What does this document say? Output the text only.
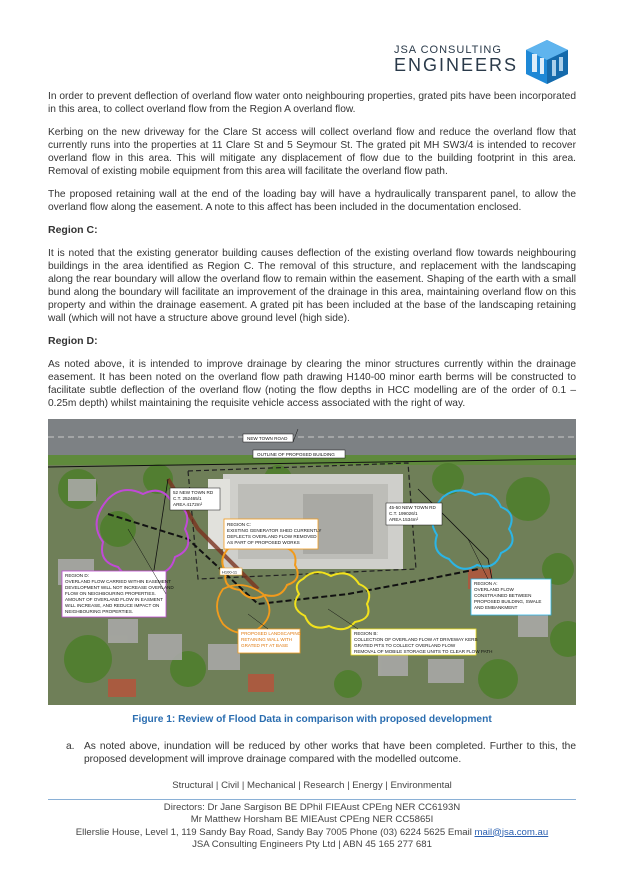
JSA CONSULTING
ENGINEERS

In order to prevent deflection of overland flow water onto neighbouring properties, grated pits have been incorporated in this area, to collect overland flow from the Region A overland flow.

Kerbing on the new driveway for the Clare St access will collect overland flow and reduce the overland flow that currently runs into the properties at 11 Clare St and 5 Seymour St. The grated pit MH SW3/4 is intended to recover overland flow in this area. This will mitigate any displacement of flow due to the building footprint in this area. Removal of existing mobile equipment from this area will facilitate the overland flow path.

The proposed retaining wall at the end of the loading bay will have a hydraulically transparent panel, to allow the overland flow along the easement. A note to this affect has been included in the documentation enclosed.

Region C:

It is noted that the existing generator building causes deflection of the existing overland flow towards neighbouring buildings in the area identified as Region C. The removal of this structure, and replacement with the landscaping along the rear boundary will allow the overland flow to remain within the easement. Shaping of the earth with a small bund along the boundary will facilitate an improvement of the drainage in this area, maintaining overland flow on this property and within the drainage easement. A grated pit has been included at the base of the landscaping retaining wall (which will not have a structure above ground level (high side).

Region D:

As noted above, it is intended to improve drainage by clearing the minor structures currently within the drainage easement. It has been noted on the overland flow path drawing H140-00 minor earth berms will be constructed to facilitate subtle deflection of the overland flow (noting the flow depths in HCC modelling are of the order of 0.1 – 0.25m depth) whilst maintaining the requisite vehicle access associated with the right of way.

NEW TOWN ROAD
OUTLINE OF PROPOSED BUILDING
52 NEW TOWN RD
C.T. 252465/1
AREA 4172m²
45-50 NEW TOWN RD
C.T. 199026/1
AREA 1534m²
REGION C:
EXISTING GENERATOR SHED CURRENTLY
DEFLECTS OVERLAND FLOW REMOVED
AS PART OF PROPOSED WORKS
H100-11
REGION D:
OVERLAND FLOW CARRIED WITHIN EASEMENT
DEVELOPMENT WILL NOT INCREASE OVERLAND
FLOW ON NEIGHBOURING PROPERTIES.
AMOUNT OF OVERLAND FLOW IN EASMENT
WILL INCREASE, AND REDUCE IMPACT ON
NEIGHBOURING PROPERTIES.
REGION A:
OVERLAND FLOW
CONSTRAINED BETWEEN
PROPOSED BUILDING, SWALE
AND EMBANKMENT
PROPOSED LANDSCAPING
RETAINING WALL WITH
GRATED PIT AT BASE
REGION B:
COLLECTION OF OVERLAND FLOW AT DRIVEWAY KERB
GRATED PITS TO COLLECT OVERLAND FLOW
REMOVAL OF MOBILE STORAGE UNITS TO CLEAR FLOW PATH
Figure 1: Review of Flood Data in comparison with proposed development
a. As noted above, inundation will be reduced by other works that have been completed. Further to this, the proposed development will improve drainage compared with the modelled outcome.
Structural | Civil | Mechanical | Research | Energy | Environmental
Directors: Dr Jane Sargison BE DPhil FIEAust CPEng NER CC6193N
Mr Matthew Horsham BE MIEAust CPEng NER CC5865I
Ellerslie House, Level 1, 119 Sandy Bay Road, Sandy Bay 7005 Phone (03) 6224 5625 Email mail@jsa.com.au
JSA Consulting Engineers Pty Ltd | ABN 45 165 277 681
